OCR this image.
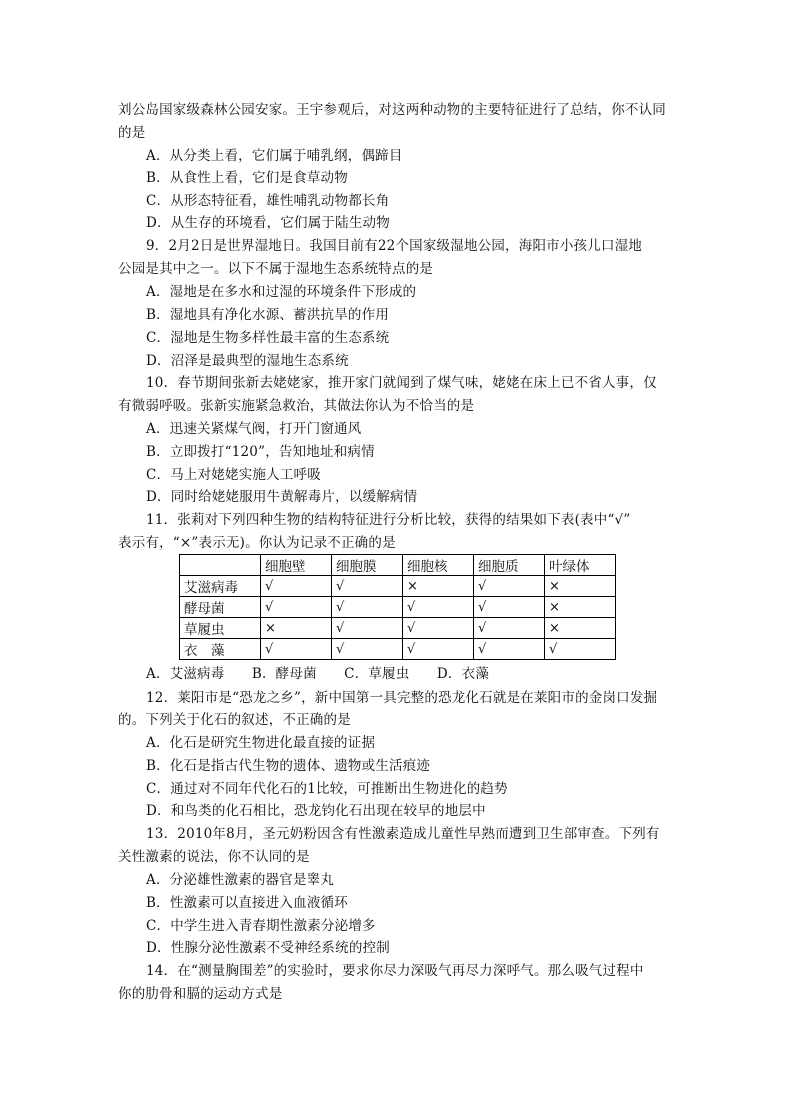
刘公岛国家级森林公园安家。王宇参观后，对这两种动物的主要特征进行了总结，你不认同
的是
A．从分类上看，它们属于哺乳纲，偶蹄目
B．从食性上看，它们是食草动物
C．从形态特征看，雄性哺乳动物都长角
D．从生存的环境看，它们属于陆生动物
9．2月2日是世界湿地日。我国目前有22个国家级湿地公园，海阳市小孩儿口湿地
公园是其中之一。以下不属于湿地生态系统特点的是
A．湿地是在多水和过湿的环境条件下形成的
B．湿地具有净化水源、蓄洪抗旱的作用
C．湿地是生物多样性最丰富的生态系统
D．沼泽是最典型的湿地生态系统
10．春节期间张新去姥姥家，推开家门就闻到了煤气味，姥姥在床上已不省人事，仅
有微弱呼吸。张新实施紧急救治，其做法你认为不恰当的是
A．迅速关紧煤气阀，打开门窗通风
B．立即拨打“120”，告知地址和病情
C．马上对姥姥实施人工呼吸
D．同时给姥姥服用牛黄解毒片，以缓解病情
11．张莉对下列四种生物的结构特征进行分析比较，获得的结果如下表(表中“√”
表示有，“×”表示无)。你认为记录不正确的是
	细胞壁	细胞膜	细胞核	细胞质	叶绿体
艾滋病毒	√	√	×	√	×
酵母菌	√	√	√	√	×
草履虫	×	√	√	√	×
衣　藻	√	√	√	√	√
A．艾滋病毒　　B．酵母菌　　C．草履虫　　D．衣藻
12．莱阳市是“恐龙之乡”，新中国第一具完整的恐龙化石就是在莱阳市的金岗口发掘
的。下列关于化石的叙述，不正确的是
A．化石是研究生物进化最直接的证据
B．化石是指古代生物的遗体、遗物或生活痕迹
C．通过对不同年代化石的1比较，可推断出生物进化的趋势
D．和鸟类的化石相比，恐龙钧化石出现在较早的地层中
13．2010年8月，圣元奶粉因含有性激素造成儿童性早熟而遭到卫生部审查。下列有
关性激素的说法，你不认同的是
A．分泌雄性激素的器官是睾丸
B．性激素可以直接进入血液循环
C．中学生进入青春期性激素分泌增多
D．性腺分泌性激素不受神经系统的控制
14．在“测量胸围差”的实验时，要求你尽力深吸气再尽力深呼气。那么吸气过程中
你的肋骨和膈的运动方式是
